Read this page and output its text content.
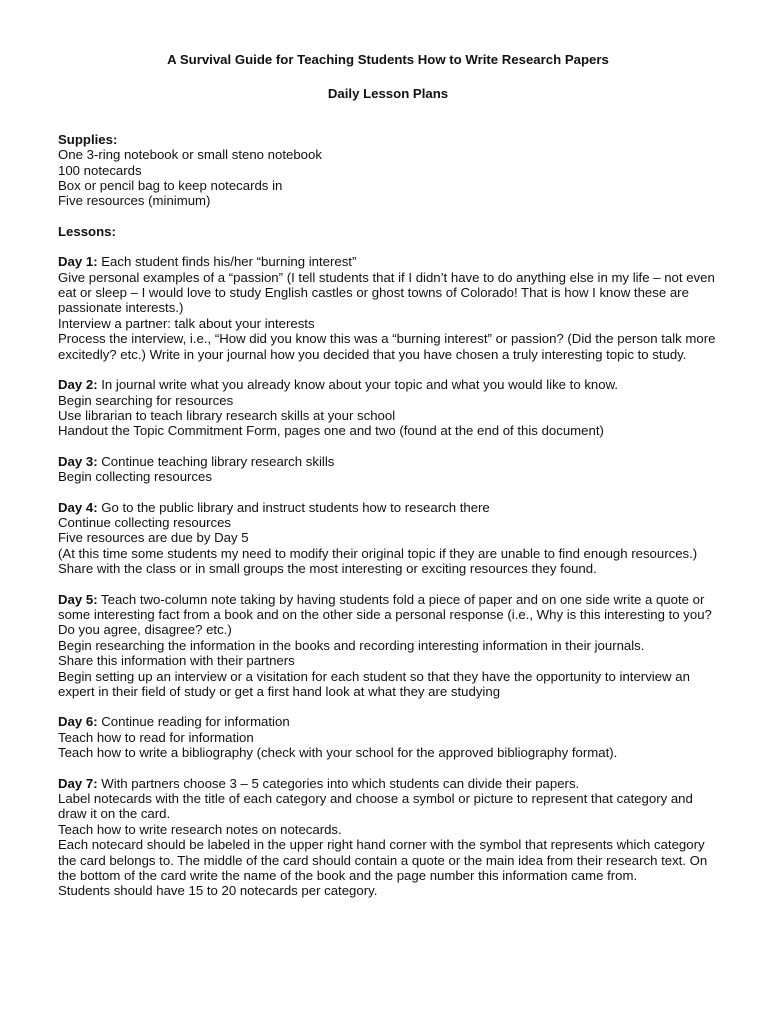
A Survival Guide for Teaching Students How to Write Research Papers

Daily Lesson Plans

Supplies:

One 3-ring notebook or small steno notebook

100 notecards

Box or pencil bag to keep notecards in

Five resources (minimum)

Lessons:

Day 1: Each student finds his/her “burning interest”

Give personal examples of a “passion” (I tell students that if I didn’t have to do anything else in my life – not even eat or sleep – I would love to study English castles or ghost towns of Colorado! That is how I know these are passionate interests.)

Interview a partner: talk about your interests

Process the interview, i.e., “How did you know this was a “burning interest” or passion? (Did the person talk more excitedly? etc.) Write in your journal how you decided that you have chosen a truly interesting topic to study.

Day 2: In journal write what you already know about your topic and what you would like to know.

Begin searching for resources

Use librarian to teach library research skills at your school

Handout the Topic Commitment Form, pages one and two (found at the end of this document)

Day 3: Continue teaching library research skills

Begin collecting resources

Day 4: Go to the public library and instruct students how to research there

Continue collecting resources

Five resources are due by Day 5

(At this time some students my need to modify their original topic if they are unable to find enough resources.)

Share with the class or in small groups the most interesting or exciting resources they found.

Day 5: Teach two-column note taking by having students fold a piece of paper and on one side write a quote or some interesting fact from a book and on the other side a personal response (i.e., Why is this interesting to you? Do you agree, disagree? etc.)

Begin researching the information in the books and recording interesting information in their journals.

Share this information with their partners

Begin setting up an interview or a visitation for each student so that they have the opportunity to interview an expert in their field of study or get a first hand look at what they are studying

Day 6: Continue reading for information

Teach how to read for information

Teach how to write a bibliography (check with your school for the approved bibliography format).

Day 7: With partners choose 3 – 5 categories into which students can divide their papers.

Label notecards with the title of each category and choose a symbol or picture to represent that category and draw it on the card.

Teach how to write research notes on notecards.

Each notecard should be labeled in the upper right hand corner with the symbol that represents which category the card belongs to. The middle of the card should contain a quote or the main idea from their research text. On the bottom of the card write the name of the book and the page number this information came from.

Students should have 15 to 20 notecards per category.
